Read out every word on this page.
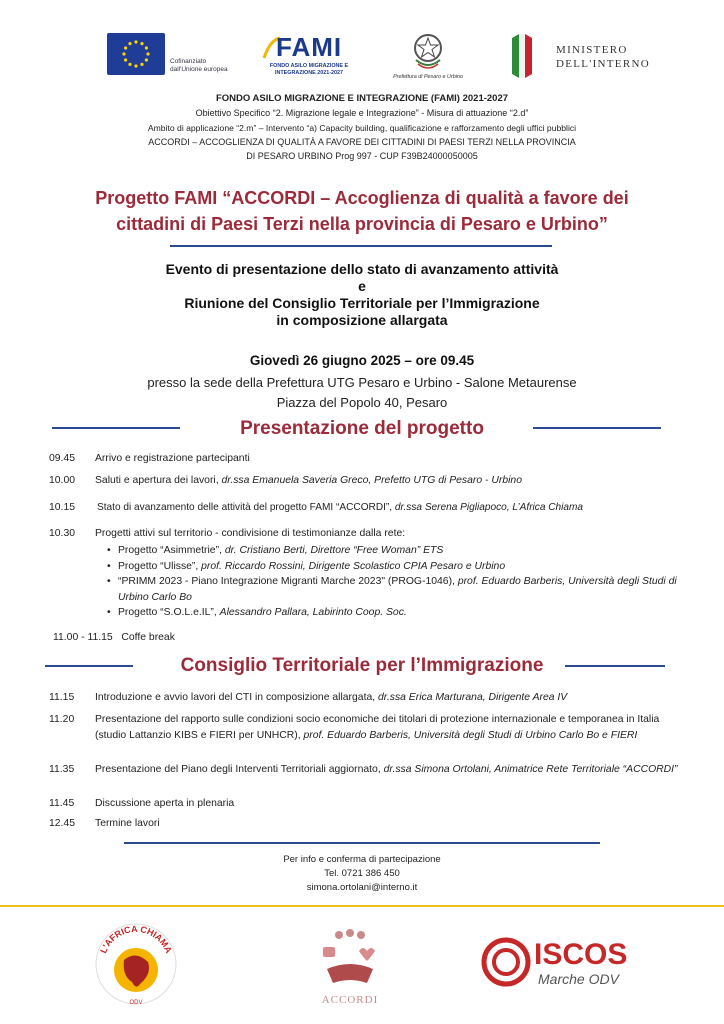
Cofinanziato
dall'Unione europea
FAMI
FONDO ASILO MIGRAZIONE E
INTEGRAZIONE 2021-2027
Prefettura di Pesaro e Urbino
MINISTERO
DELL'INTERNO
FONDO ASILO MIGRAZIONE E INTEGRAZIONE (FAMI) 2021-2027
Obiettivo Specifico “2. Migrazione legale e Integrazione” - Misura di attuazione “2.d”
Ambito di applicazione “2.m” – Intervento “a) Capacity building, qualificazione e rafforzamento degli uffici pubblici
ACCORDI – ACCOGLIENZA DI QUALITÀ A FAVORE DEI CITTADINI DI PAESI TERZI NELLA PROVINCIA
DI PESARO URBINO Prog 997 - CUP F39B24000050005
Progetto FAMI “ACCORDI – Accoglienza di qualità a favore dei
cittadini di Paesi Terzi nella provincia di Pesaro e Urbino”
Evento di presentazione dello stato di avanzamento attività
e
Riunione del Consiglio Territoriale per l’Immigrazione
in composizione allargata
Giovedì 26 giugno 2025 – ore 09.45
presso la sede della Prefettura UTG Pesaro e Urbino - Salone Metaurense
Piazza del Popolo 40, Pesaro
Presentazione del progetto
09.45 Arrivo e registrazione partecipanti
10.00 Saluti e apertura dei lavori, dr.ssa Emanuela Saveria Greco, Prefetto UTG di Pesaro - Urbino
10.15 Stato di avanzamento delle attività del progetto FAMI “ACCORDI”, dr.ssa Serena Pigliapoco, L’Africa Chiama
10.30 Progetti attivi sul territorio - condivisione di testimonianze dalla rete:
• Progetto “Asimmetrie”, dr. Cristiano Berti, Direttore “Free Woman” ETS
• Progetto “Ulisse”, prof. Riccardo Rossini, Dirigente Scolastico CPIA Pesaro e Urbino
• “PRIMM 2023 - Piano Integrazione Migranti Marche 2023" (PROG-1046), prof. Eduardo Barberis, Università degli Studi di Urbino Carlo Bo
• Progetto “S.O.L.e.IL”, Alessandro Pallara, Labirinto Coop. Soc.
11.00 - 11.15 Coffe break
Consiglio Territoriale per l’Immigrazione
11.15 Introduzione e avvio lavori del CTI in composizione allargata, dr.ssa Erica Marturana, Dirigente Area IV
11.20 Presentazione del rapporto sulle condizioni socio economiche dei titolari di protezione internazionale e temporanea in Italia (studio Lattanzio KIBS e FIERI per UNHCR), prof. Eduardo Barberis, Università degli Studi di Urbino Carlo Bo e FIERI
11.35 Presentazione del Piano degli Interventi Territoriali aggiornato, dr.ssa Simona Ortolani, Animatrice Rete Territoriale “ACCORDI”
11.45 Discussione aperta in plenaria
12.45 Termine lavori
Per info e conferma di partecipazione
Tel. 0721 386 450
simona.ortolani@interno.it
L'AFRICA CHIAMA
ODV	ACCORDI
ISCOS
Marche ODV
